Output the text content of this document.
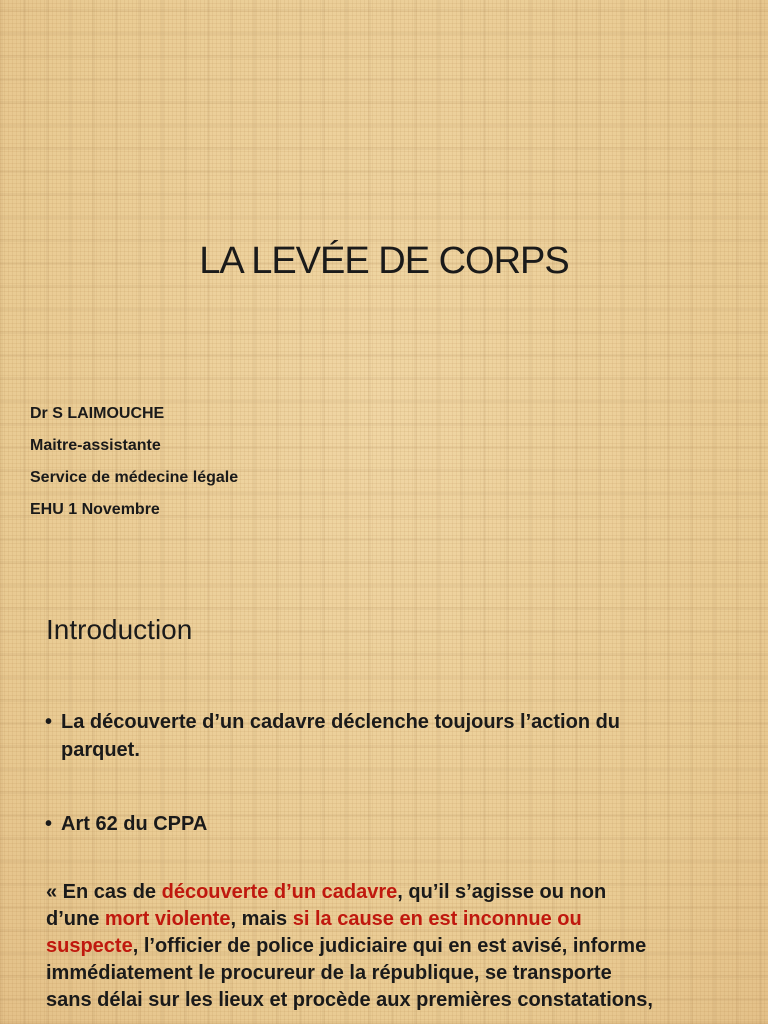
LA LEVÉE DE CORPS
Dr S LAIMOUCHE
Maitre-assistante
Service de médecine légale
EHU 1 Novembre
Introduction
• La découverte d’un cadavre déclenche toujours l’action du
parquet.
• Art 62 du CPPA
« En cas de découverte d’un cadavre, qu’il s’agisse ou non
d’une mort violente, mais si la cause en est inconnue ou
suspecte, l’officier de police judiciaire qui en est avisé, informe
immédiatement le procureur de la république, se transporte
sans délai sur les lieux et procède aux premières constatations,
